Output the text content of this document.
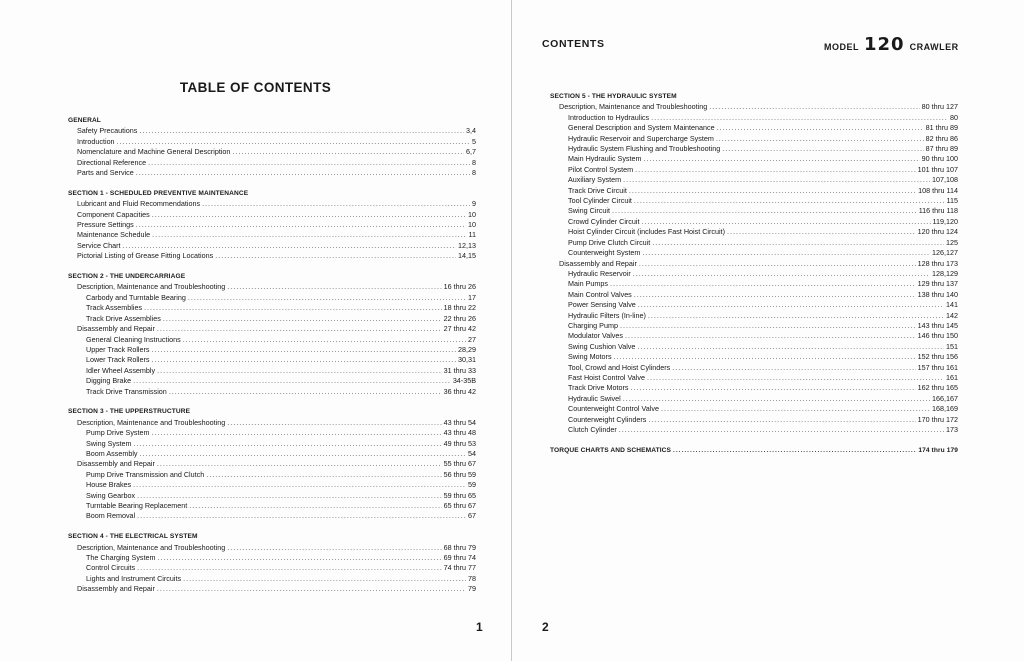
TABLE OF CONTENTS
GENERAL
Safety Precautions .....	3,4
Introduction .....	5
Nomenclature and Machine General Description .....	6,7
Directional Reference .....	8
Parts and Service .....	8
SECTION 1 - SCHEDULED PREVENTIVE MAINTENANCE
Lubricant and Fluid Recommendations .....	9
Component Capacities .....	10
Pressure Settings .....	10
Maintenance Schedule .....	11
Service Chart .....	12,13
Pictorial Listing of Grease Fitting Locations .....	14,15
SECTION 2 - THE UNDERCARRIAGE
Description, Maintenance and Troubleshooting .....	16 thru 26
Carbody and Turntable Bearing .....	17
Track Assemblies .....	18 thru 22
Track Drive Assemblies .....	22 thru 26
Disassembly and Repair .....	27 thru 42
General Cleaning Instructions .....	27
Upper Track Rollers .....	28,29
Lower Track Rollers .....	30,31
Idler Wheel Assembly .....	31 thru 33
Digging Brake .....	34-35B
Track Drive Transmission .....	36 thru 42
SECTION 3 - THE UPPERSTRUCTURE
Description, Maintenance and Troubleshooting .....	43 thru 54
Pump Drive System .....	43 thru 48
Swing System .....	49 thru 53
Boom Assembly .....	54
Disassembly and Repair .....	55 thru 67
Pump Drive Transmission and Clutch .....	56 thru 59
House Brakes .....	59
Swing Gearbox .....	59 thru 65
Turntable Bearing Replacement .....	65 thru 67
Boom Removal .....	67
SECTION 4 - THE ELECTRICAL SYSTEM
Description, Maintenance and Troubleshooting .....	68 thru 79
The Charging System .....	69 thru 74
Control Circuits .....	74 thru 77
Lights and Instrument Circuits .....	78
Disassembly and Repair .....	79
1
CONTENTS	MODEL 120 CRAWLER
SECTION 5 - THE HYDRAULIC SYSTEM
Description, Maintenance and Troubleshooting .....	80 thru 127
Introduction to Hydraulics .....	80
General Description and System Maintenance .....	81 thru 89
Hydraulic Reservoir and Supercharge System .....	82 thru 86
Hydraulic System Flushing and Troubleshooting .....	87 thru 89
Main Hydraulic System .....	90 thru 100
Pilot Control System .....	101 thru 107
Auxiliary System .....	107,108
Track Drive Circuit .....	108 thru 114
Tool Cylinder Circuit .....	115
Swing Circuit .....	116 thru 118
Crowd Cylinder Circuit .....	119,120
Hoist Cylinder Circuit (includes Fast Hoist Circuit) .....	120 thru 124
Pump Drive Clutch Circuit .....	125
Counterweight System .....	126,127
Disassembly and Repair .....	128 thru 173
Hydraulic Reservoir .....	128,129
Main Pumps .....	129 thru 137
Main Control Valves .....	138 thru 140
Power Sensing Valve .....	141
Hydraulic Filters (In-line) .....	142
Charging Pump .....	143 thru 145
Modulator Valves .....	146 thru 150
Swing Cushion Valve .....	151
Swing Motors .....	152 thru 156
Tool, Crowd and Hoist Cylinders .....	157 thru 161
Fast Hoist Control Valve .....	161
Track Drive Motors .....	162 thru 165
Hydraulic Swivel .....	166,167
Counterweight Control Valve .....	168,169
Counterweight Cylinders .....	170 thru 172
Clutch Cylinder .....	173
TORQUE CHARTS AND SCHEMATICS .....	174 thru 179
2
